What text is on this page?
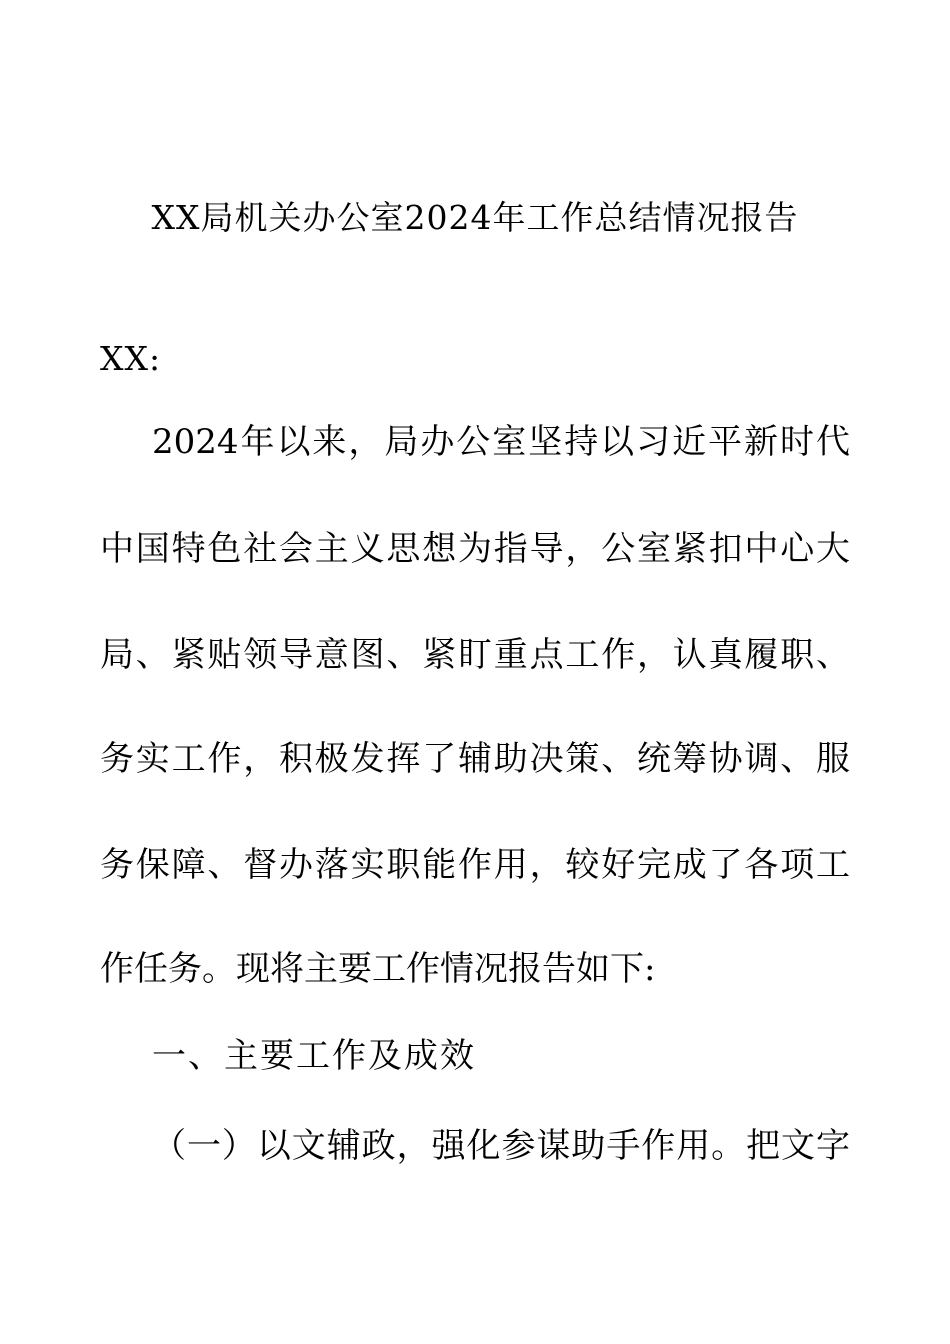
XX局机关办公室2024年工作总结情况报告
XX:
2024年以来，局办公室坚持以习近平新时代
中国特色社会主义思想为指导，公室紧扣中心大
局、紧贴领导意图、紧盯重点工作，认真履职、
务实工作，积极发挥了辅助决策、统筹协调、服
务保障、督办落实职能作用，较好完成了各项工
作任务。现将主要工作情况报告如下:
一、主要工作及成效
（一）以文辅政，强化参谋助手作用。把文字
